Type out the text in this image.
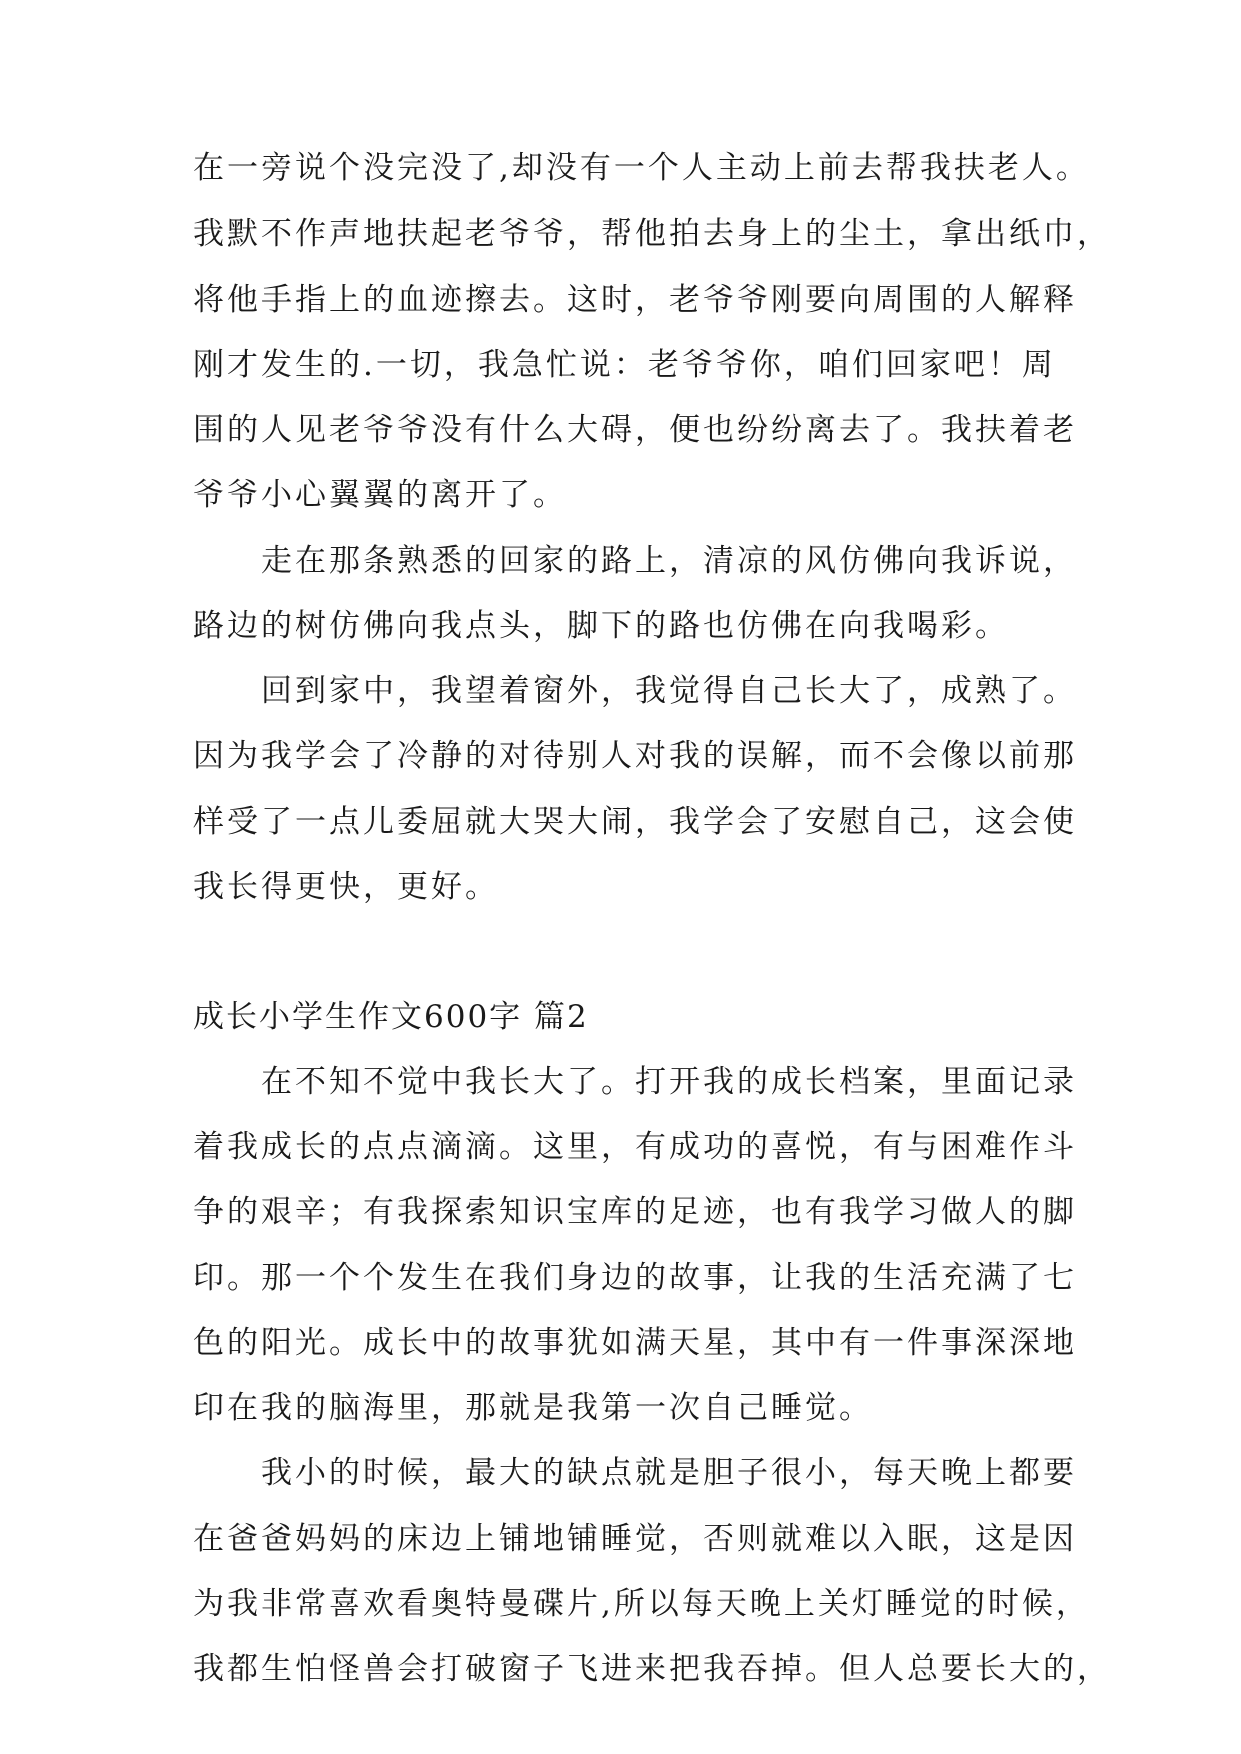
在一旁说个没完没了,却没有一个人主动上前去帮我扶老人。
我默不作声地扶起老爷爷，帮他拍去身上的尘土，拿出纸巾，
将他手指上的血迹擦去。这时，老爷爷刚要向周围的人解释
刚才发生的.一切，我急忙说：老爷爷你，咱们回家吧！周
围的人见老爷爷没有什么大碍，便也纷纷离去了。我扶着老
爷爷小心翼翼的离开了。
　　走在那条熟悉的回家的路上，清凉的风仿佛向我诉说，
路边的树仿佛向我点头，脚下的路也仿佛在向我喝彩。
　　回到家中，我望着窗外，我觉得自己长大了，成熟了。
因为我学会了冷静的对待别人对我的误解，而不会像以前那
样受了一点儿委屈就大哭大闹，我学会了安慰自己，这会使
我长得更快，更好。
成长小学生作文600字 篇2
　　在不知不觉中我长大了。打开我的成长档案，里面记录
着我成长的点点滴滴。这里，有成功的喜悦，有与困难作斗
争的艰辛；有我探索知识宝库的足迹，也有我学习做人的脚
印。那一个个发生在我们身边的故事，让我的生活充满了七
色的阳光。成长中的故事犹如满天星，其中有一件事深深地
印在我的脑海里，那就是我第一次自己睡觉。
　　我小的时候，最大的缺点就是胆子很小，每天晚上都要
在爸爸妈妈的床边上铺地铺睡觉，否则就难以入眠，这是因
为我非常喜欢看奥特曼碟片,所以每天晚上关灯睡觉的时候，
我都生怕怪兽会打破窗子飞进来把我吞掉。但人总要长大的，
